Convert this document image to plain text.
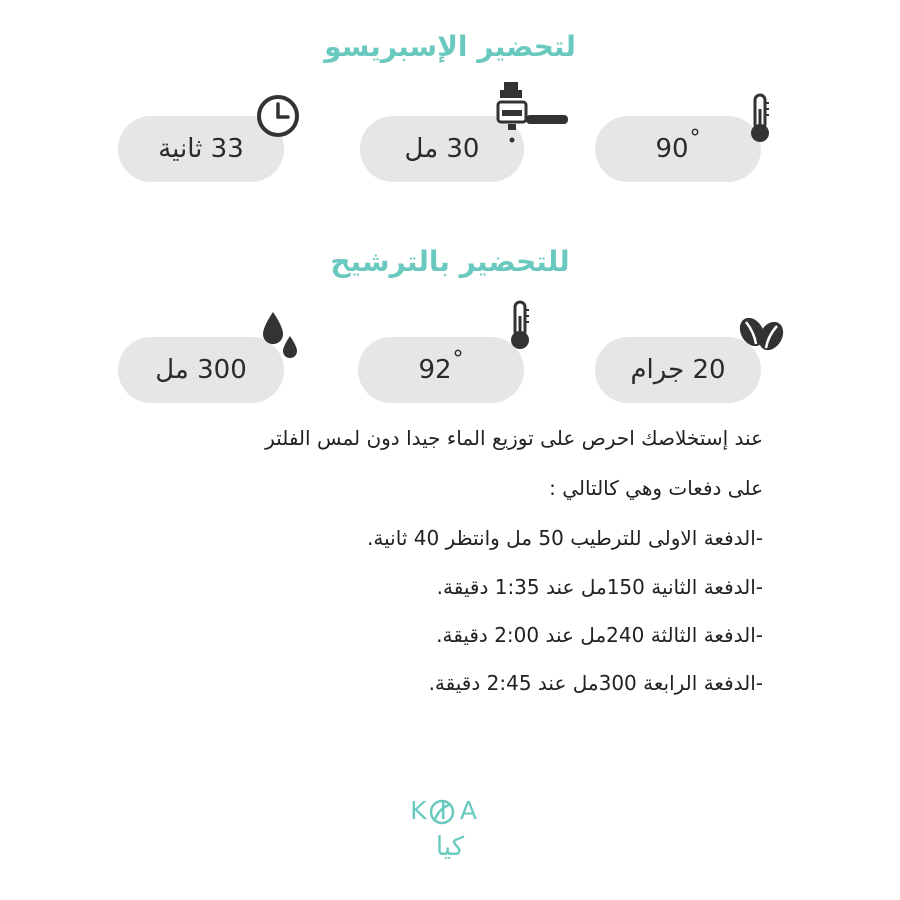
لتحضير الإسبريسو
90°
30 مل
33 ثانية
للتحضير بالترشيح
20 جرام
92°
300 مل
عند إستخلاصك احرص على توزيع الماء جيدا دون لمس الفلتر
على دفعات وهي كالتالي :
-الدفعة الاولى للترطيب 50 مل وانتظر 40 ثانية.
-الدفعة الثانية 150مل عند 1:35 دقيقة.
-الدفعة الثالثة 240مل عند 2:00 دقيقة.
-الدفعة الرابعة 300مل عند 2:45 دقيقة.
KIA
كيا
